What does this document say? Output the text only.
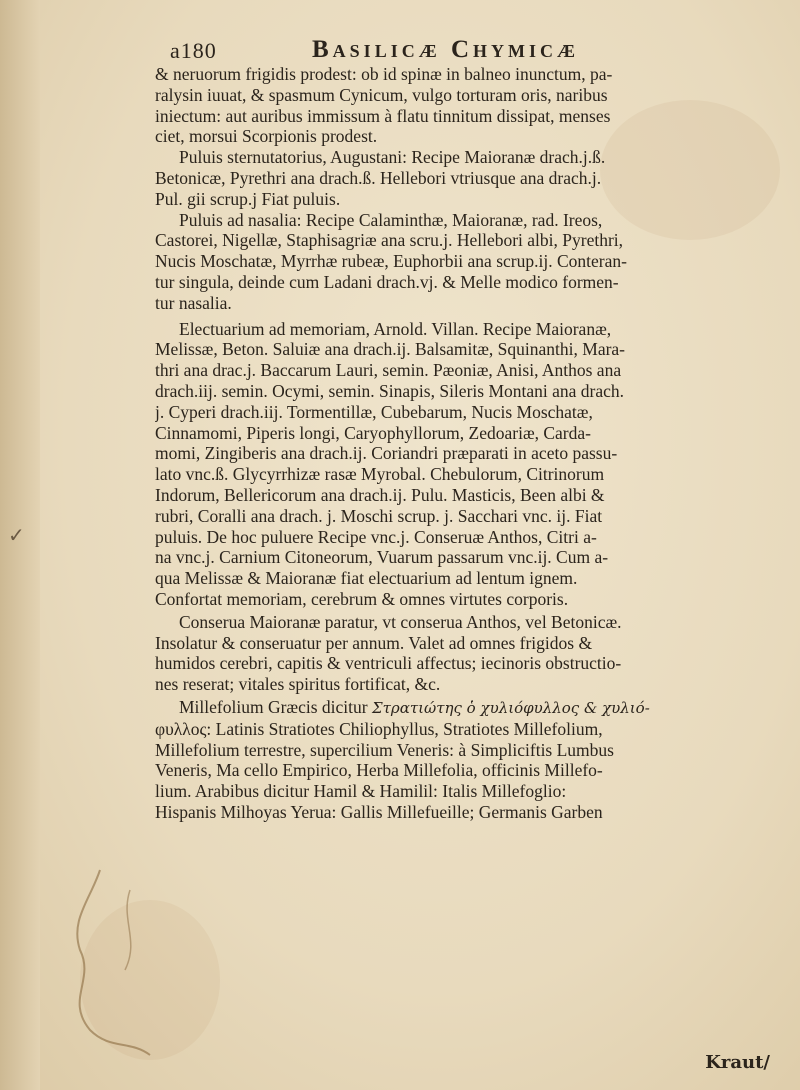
a180	Basilicæ Chymicæ
& neruorum frigidis prodest: ob id spinæ in balneo inunctum, pa-
ralysin iuuat, & spasmum Cynicum, vulgo torturam oris, naribus
iniectum: aut auribus immissum à flatu tinnitum dissipat, menses
ciet, morsui Scorpionis prodest.
Puluis sternutatorius, Augustani: Recipe Maioranæ drach.j.ß.
Betonicæ, Pyrethri ana drach.ß. Hellebori vtriusque ana drach.j.
Pul. gii scrup.j Fiat puluis.
Puluis ad nasalia: Recipe Calaminthæ, Maioranæ, rad. Ireos,
Castorei, Nigellæ, Staphisagriæ ana scru.j. Hellebori albi, Pyrethri,
Nucis Moschatæ, Myrrhæ rubeæ, Euphorbii ana scrup.ij. Conteran-
tur singula, deinde cum Ladani drach.vj. & Melle modico formen-
tur nasalia.
Electuarium ad memoriam, Arnold. Villan. Recipe Maioranæ,
Melissæ, Beton. Saluiæ ana drach.ij. Balsamitæ, Squinanthi, Mara-
thri ana drac.j. Baccarum Lauri, semin. Pæoniæ, Anisi, Anthos ana
drach.iij. semin. Ocymi, semin. Sinapis, Sileris Montani ana drach.
j. Cyperi drach.iij. Tormentillæ, Cubebarum, Nucis Moschatæ,
Cinnamomi, Piperis longi, Caryophyllorum, Zedoariæ, Carda-
momi, Zingiberis ana drach.ij. Coriandri præparati in aceto passu-
lato vnc.ß. Glycyrrhizæ rasæ Myrobal. Chebulorum, Citrinorum
Indorum, Bellericorum ana drach.ij. Pulu. Masticis, Been albi &
rubri, Coralli ana drach. j. Moschi scrup. j. Sacchari vnc. ij. Fiat
puluis. De hoc puluere Recipe vnc.j. Conseruæ Anthos, Citri a-
na vnc.j. Carnium Citoneorum, Vuarum passarum vnc.ij. Cum a-
qua Melissæ & Maioranæ fiat electuarium ad lentum ignem.
Confortat memoriam, cerebrum & omnes virtutes corporis.
Conserua Maioranæ paratur, vt conserua Anthos, vel Betonicæ.
Insolatur & conseruatur per annum. Valet ad omnes frigidos &
humidos cerebri, capitis & ventriculi affectus; iecinoris obstructio-
nes reserat; vitales spiritus fortificat, &c.
Millefolium Græcis dicitur Στρατιώτης ὁ χυλιόφυλλος & χυλιό-
φυλλος: Latinis Stratiotes Chiliophyllus, Stratiotes Millefolium,
Millefolium terrestre, supercilium Veneris: à Simpliciftis Lumbus
Veneris, Ma cello Empirico, Herba Millefolia, officinis Millefo-
lium. Arabibus dicitur Hamil & Hamilil: Italis Millefoglio:
Hispanis Milhoyas Yerua: Gallis Millefueille; Germanis Garben
✓
Kraut/
